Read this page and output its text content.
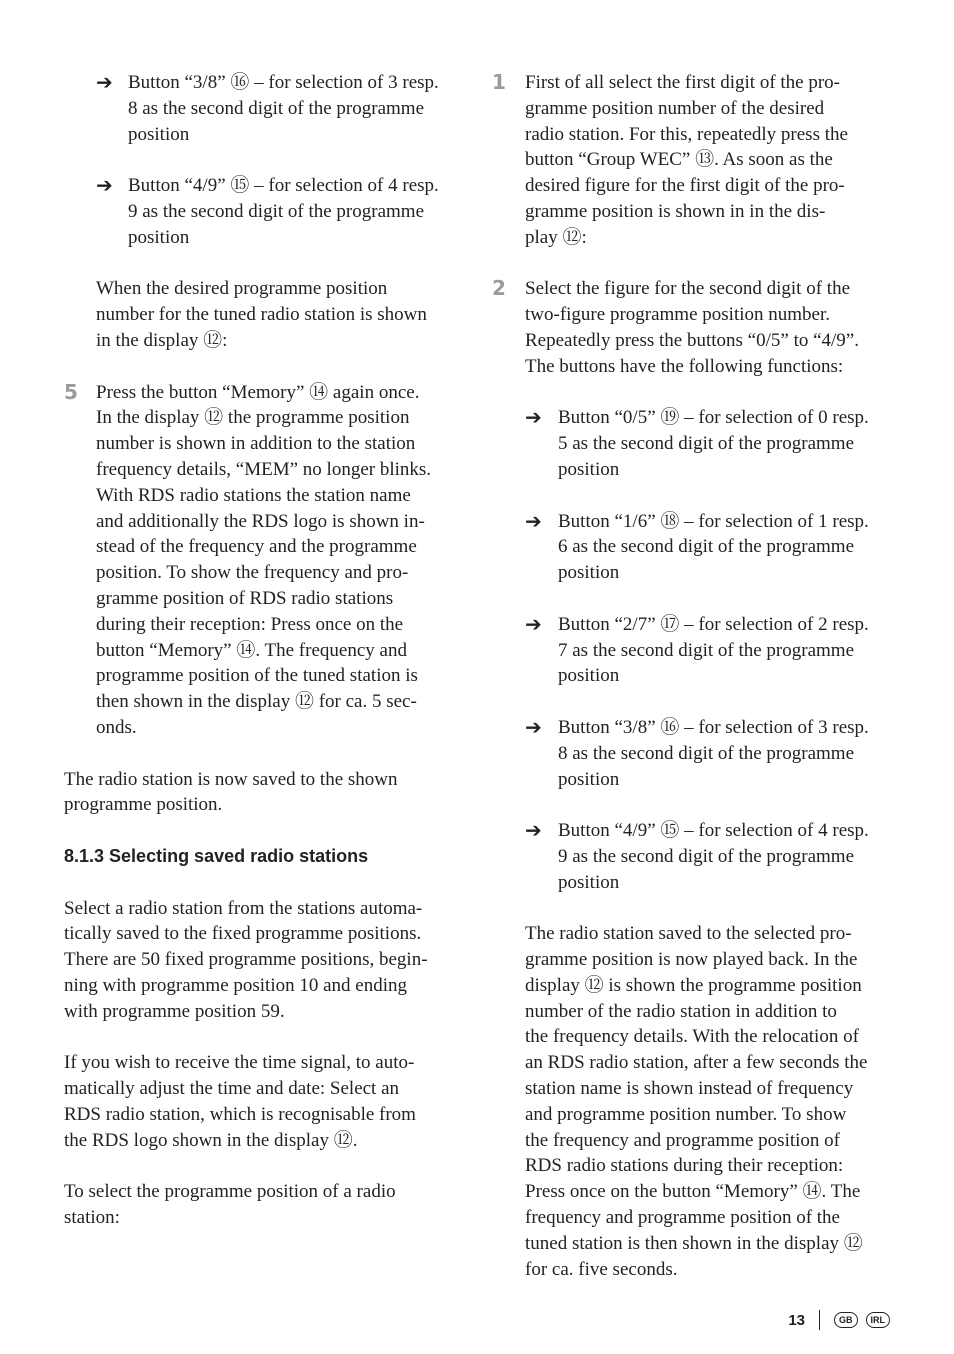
➔ Button “3/8” ⑯ – for selection of 3 resp.
8 as the second digit of the programme
position
➔ Button “4/9” ⑮ – for selection of 4 resp.
9 as the second digit of the programme
position
When the desired programme position
number for the tuned radio station is shown
in the display ⑫:
5 Press the button “Memory” ⑭ again once.
In the display ⑫ the programme position
number is shown in addition to the station
frequency details, “MEM” no longer blinks.
With RDS radio stations the station name
and additionally the RDS logo is shown in-
stead of the frequency and the programme
position. To show the frequency and pro-
gramme position of RDS radio stations
during their reception: Press once on the
button “Memory” ⑭. The frequency and
programme position of the tuned station is
then shown in the display ⑫ for ca. 5 sec-
onds.
The radio station is now saved to the shown
programme position.
8.1.3 Selecting saved radio stations
Select a radio station from the stations automa-
tically saved to the fixed programme positions.
There are 50 fixed programme positions, begin-
ning with programme position 10 and ending
with programme position 59.
If you wish to receive the time signal, to auto-
matically adjust the time and date: Select an
RDS radio station, which is recognisable from
the RDS logo shown in the display ⑫.
To select the programme position of a radio
station:
1 First of all select the first digit of the pro-
gramme position number of the desired
radio station. For this, repeatedly press the
button “Group WEC” ⑬. As soon as the
desired figure for the first digit of the pro-
gramme position is shown in in the dis-
play ⑫:
2 Select the figure for the second digit of the
two-figure programme position number.
Repeatedly press the buttons “0/5” to “4/9”.
The buttons have the following functions:
➔ Button “0/5” ⑲ – for selection of 0 resp.
5 as the second digit of the programme
position
➔ Button “1/6” ⑱ – for selection of 1 resp.
6 as the second digit of the programme
position
➔ Button “2/7” ⑰ – for selection of 2 resp.
7 as the second digit of the programme
position
➔ Button “3/8” ⑯ – for selection of 3 resp.
8 as the second digit of the programme
position
➔ Button “4/9” ⑮ – for selection of 4 resp.
9 as the second digit of the programme
position
The radio station saved to the selected pro-
gramme position is now played back. In the
display ⑫ is shown the programme position
number of the radio station in addition to
the frequency details. With the relocation of
an RDS radio station, after a few seconds the
station name is shown instead of frequency
and programme position number. To show
the frequency and programme position of
RDS radio stations during their reception:
Press once on the button “Memory” ⑭. The
frequency and programme position of the
tuned station is then shown in the display ⑫
for ca. five seconds.
13	GB	IRL
